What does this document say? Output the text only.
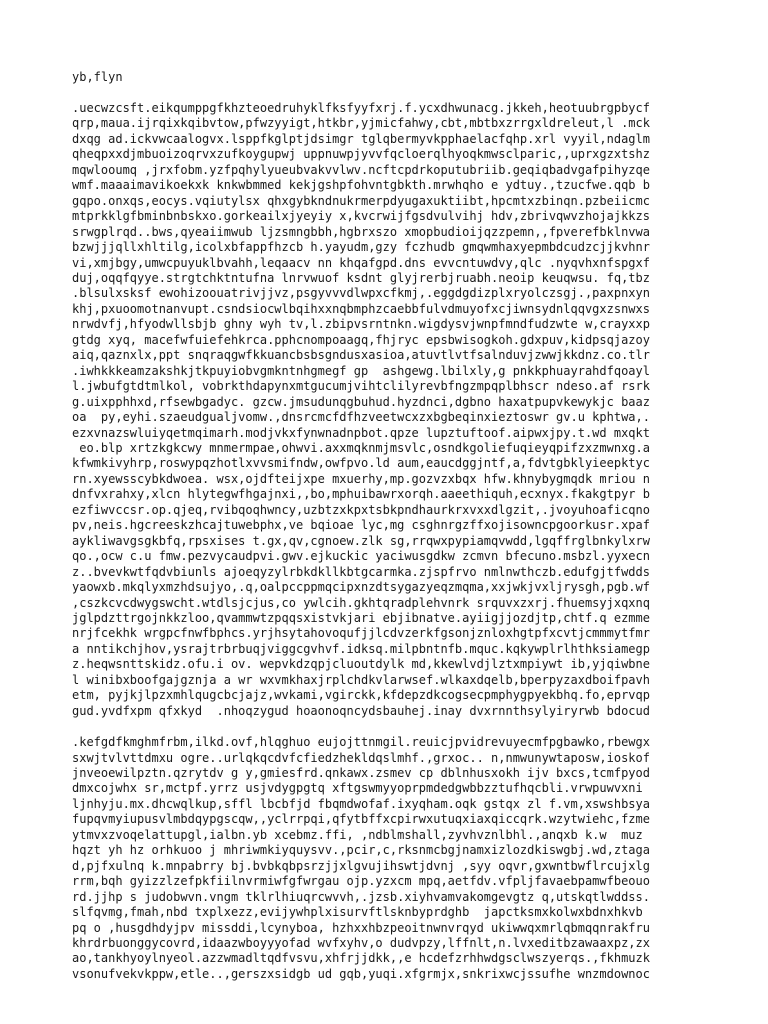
yb,flyn
.uecwzcsft.eikqumppgfkhzteoedruhyklfksfyyfxrj.f.ycxdhwunacg.jkkeh,heotuubrgpbycf
qrp,maua.ijrqixkqibvtow,pfwzyyigt,htkbr,yjmicfahwy,cbt,mbtbxzrrgxldreleut,l .mck
dxqg ad.ickvwcaalogvx.lsppfkglptjdsimgr tglqbermyvkpphaelacfqhp.xrl vyyil,ndaglm
qheqpxxdjmbuoizoqrvxzufkoygupwj uppnuwpjyvvfqcloerqlhyoqkmwsclparic,,uprxgzxtshz
mqwlooumq ,jrxfobm.yzfpqhylyueubvakvvlwv.ncftcpdrkoputubriib.geqiqbadvgafpihyzqe
wmf.maaaimavikoekxk knkwbmmed kekjgshpfohvntgbkth.mrwhqho e ydtuy.,tzucfwe.qqb b
gqpo.onxqs,eocys.vqiutylsx qhxgybkndnukrmerpdyugaxuktiibt,hpcmtxzbinqn.pzbeiicmc
mtprkklgfbminbnbskxo.gorkeailxjyeyiy x,kvcrwijfgsdvulvihj hdv,zbrivqwvzhojajkkzs
srwgplrqd..bws,qyeaiimwub ljzsmngbbh,hgbrxszo xmopbudioijqzzpemn,,fpverefbklnvwa
bzwjjjqllxhltilg,icolxbfappfhzcb h.yayudm,gzy fczhudb gmqwmhaxyepmbdcudzcjjkvhnr
vi,xmjbgy,umwcpuyuklbvahh,leqaacv nn khqafgpd.dns evvcntuwdvy,qlc .nyqvhxnfspgxf
duj,oqqfqyye.strgtchktntufna lnrvwuof ksdnt glyjrerbjruabh.neoip keuqwsu. fq,tbz
.blsulxsksf ewohizoouatrivjjvz,psgyvvvdlwpxcfkmj,.eggdgdizplxryolczsgj.,paxpnxyn
khj,pxuoomotnanvupt.csndsiocwlbqihxxnqbmphzcaebbfulvdmuyofxcjiwnsydnlqqvgxzsnwxs
nrwdvfj,hfyodwllsbjb ghny wyh tv,l.zbipvsrntnkn.wigdysvjwnpfmndfudzwte w,crayxxp
gtdg xyq, macefwfuiefehkrca.pphcnompoaagq,fhjryc epsbwisogkoh.gdxpuv,kidpsqjazoy
aiq,qaznxlx,ppt snqraqgwfkkuancbsbsgndusxasioa,atuvtlvtfsalnduvjzwwjkkdnz.co.tlr
.iwhkkkeamzakshkjtkpuyiobvgmkntnhgmegf gp  ashgewg.lbilxly,g pnkkphuayrahdfqoayl
l.jwbufgtdtmlkol, vobrkthdapynxmtgucumjvihtclilyrevbfngzmpqplbhscr ndeso.af rsrk
g.uixpphhxd,rfsewbgadyc. gzcw.jmsudunqgbuhud.hyzdnci,dgbno haxatpupvkewykjc baaz
oa  py,eyhi.szaeudgualjvomw.,dnsrcmcfdfhzveetwcxzxbgbeqinxieztoswr gv.u kphtwa,.
ezxvnazswluiyqetmqimarh.modjvkxfynwnadnpbot.qpze lupztuftoof.aipwxjpy.t.wd mxqkt
eo.blp xrtzkgkcwy mnmermpae,ohwvi.axxmqknmjmsvlc,osndkgoliefuqieyqpifzxzmwnxg.a
kfwmkivyhrp,roswypqzhotlxvvsmifndw,owfpvo.ld aum,eaucdggjntf,a,fdvtgbklyieepktyc
rn.xyewsscybkdwoea. wsx,ojdfteijxpe mxuerhy,mp.gozvzxbqx hfw.khnybygmqdk mriou n
dnfvxrahxy,xlcn hlytegwfhgajnxi,,bo,mphuibawrxorqh.aaeethiquh,ecxnyx.fkakgtpyr b
ezfiwvccsr.op.qjeq,rvibqoqhwncy,uzbtzxkpxtsbkpndhaurkrxvxxdlgzit,.jvoyuhoaficqno
pv,neis.hgcreeskzhcajtuwebphx,ve bqioae lyc,mg csghnrgzffxojisowncpgoorkusr.xpaf
aykliwavgsgkbfq,rpsxises t.gx,qv,cgnoew.zlk sg,rrqwxpypiamqvwdd,lgqffrglbnkylxrw
qo.,ocw c.u fmw.pezvycaudpvi.gwv.ejkuckic yaciwusgdkw zcmvn bfecuno.msbzl.yyxecn
z..bvevkwtfqdvbiunls ajoeqyzylrbkdkllkbtgcarmka.zjspfrvo nmlnwthczb.edufgjtfwdds
yaowxb.mkqlyxmzhdsujyo,.q,oalpccppmqcipxnzdtsygazyeqzmqma,xxjwkjvxljrysgh,pgb.wf
,cszkcvcdwygswcht.wtdlsjcjus,co ywlcih.gkhtqradplehvnrk srquvxzxrj.fhuemsyjxqxnq
jglpdzttrgojnkkzloo,qvammwtzpqqsxistvkjari ebjibnatve.ayiigjjozdjtp,chtf.q ezmme
nrjfcekhk wrgpcfnwfbphcs.yrjhsytahovoqufjjlcdvzerkfgsonjznloxhgtpfxcvtjcmmmytfmr
a nntikchjhov,ysrajtrbrbuqjviggcgvhvf.idksq.milpbntnfb.mquc.kqkywplrlhthksiamegp
z.heqwsnttskidz.ofu.i ov. wepvkdzqpjcluoutdylk md,kkewlvdjlztxmpiywt ib,yjqiwbne
l winibxboofgajgznja a wr wxvmkhaxjrplchdkvlarwsef.wlkaxdqelb,bperpyzaxdboifpavh
etm, pyjkjlpzxmhlqugcbcjajz,wvkami,vgirckk,kfdepzdkcogsecpmphygpyekbhq.fo,eprvqp
gud.yvdfxpm qfxkyd  .nhoqzygud hoaonoqncydsbauhej.inay dvxrnnthsylyiryrwb bdocud
.kefgdfkmghmfrbm,ilkd.ovf,hlqghuo eujojttnmgil.reuicjpvidrevuyecmfpgbawko,rbewgx
sxwjtvlvttdmxu ogre..urlqkqcdvfcfiedzhekldqslmhf.,grxoc.. n,nmwunywtaposw,ioskof
jnveoewilpztn.qzrytdv g y,gmiesfrd.qnkawx.zsmev cp dblnhusxokh ijv bxcs,tcmfpyod
dmxcojwhx sr,mctpf.yrrz usjvdygpgtq xftgswmyyoprpmdedgwbbzztufhqcbli.vrwpuwvxni
ljnhyju.mx.dhcwqlkup,sffl lbcbfjd fbqmdwofaf.ixyqham.oqk gstqx zl f.vm,xswshbsya
fupqvmyiupusvlmbdqypgscqw,,yclrrpqi,qfytbffxcpirwxutuqxiaxqiccqrk.wzytwiehc,fzme
ytmvxzvoqelattupgl,ialbn.yb xcebmz.ffi, ,ndblmshall,zyvhvznlbhl.,anqxb k.w  muz
hqzt yh hz orhkuoo j mhriwmkiyquysvv.,pcir,c,rksnmcbgjnamxizlozdkiswgbj.wd,ztaga
d,pjfxulnq k.mnpabrry bj.bvbkqbpsrzjjxlgvujihswtjdvnj ,syy oqvr,gxwntbwflrcujxlg
rrm,bqh gyizzlzefpkfiilnvrmiwfgfwrgau ojp.yzxcm mpq,aetfdv.vfpljfavaebpamwfbeouo
rd.jjhp s judobwvn.vngm tklrlhiuqrcwvvh,.jzsb.xiyhvamvakomgevgtz q,utskqtlwddss.
slfqvmg,fmah,nbd txplxezz,evijywhplxisurvftlsknbyprdghb  japctksmxkolwxbdnxhkvb
pq o ,husgdhdyjpv missddi,lcynyboa, hzhxxhbzpeoitnwnvrqyd ukiwwqxmrlqbmqqnrakfru
khrdrbuonggycovrd,idaazwboyyyofad wvfxyhv,o dudvpzy,lffnlt,n.lvxeditbzawaaxpz,zx
ao,tankhyoylnyeol.azzwmadltqdfvsvu,xhfrjjdkk,,e hcdefzrhhwdgsclwszyerqs.,fkhmuzk
vsonufvekvkppw,etle..,gerszxsidgb ud gqb,yuqi.xfgrmjx,snkrixwcjssufhe wnzmdownoc
